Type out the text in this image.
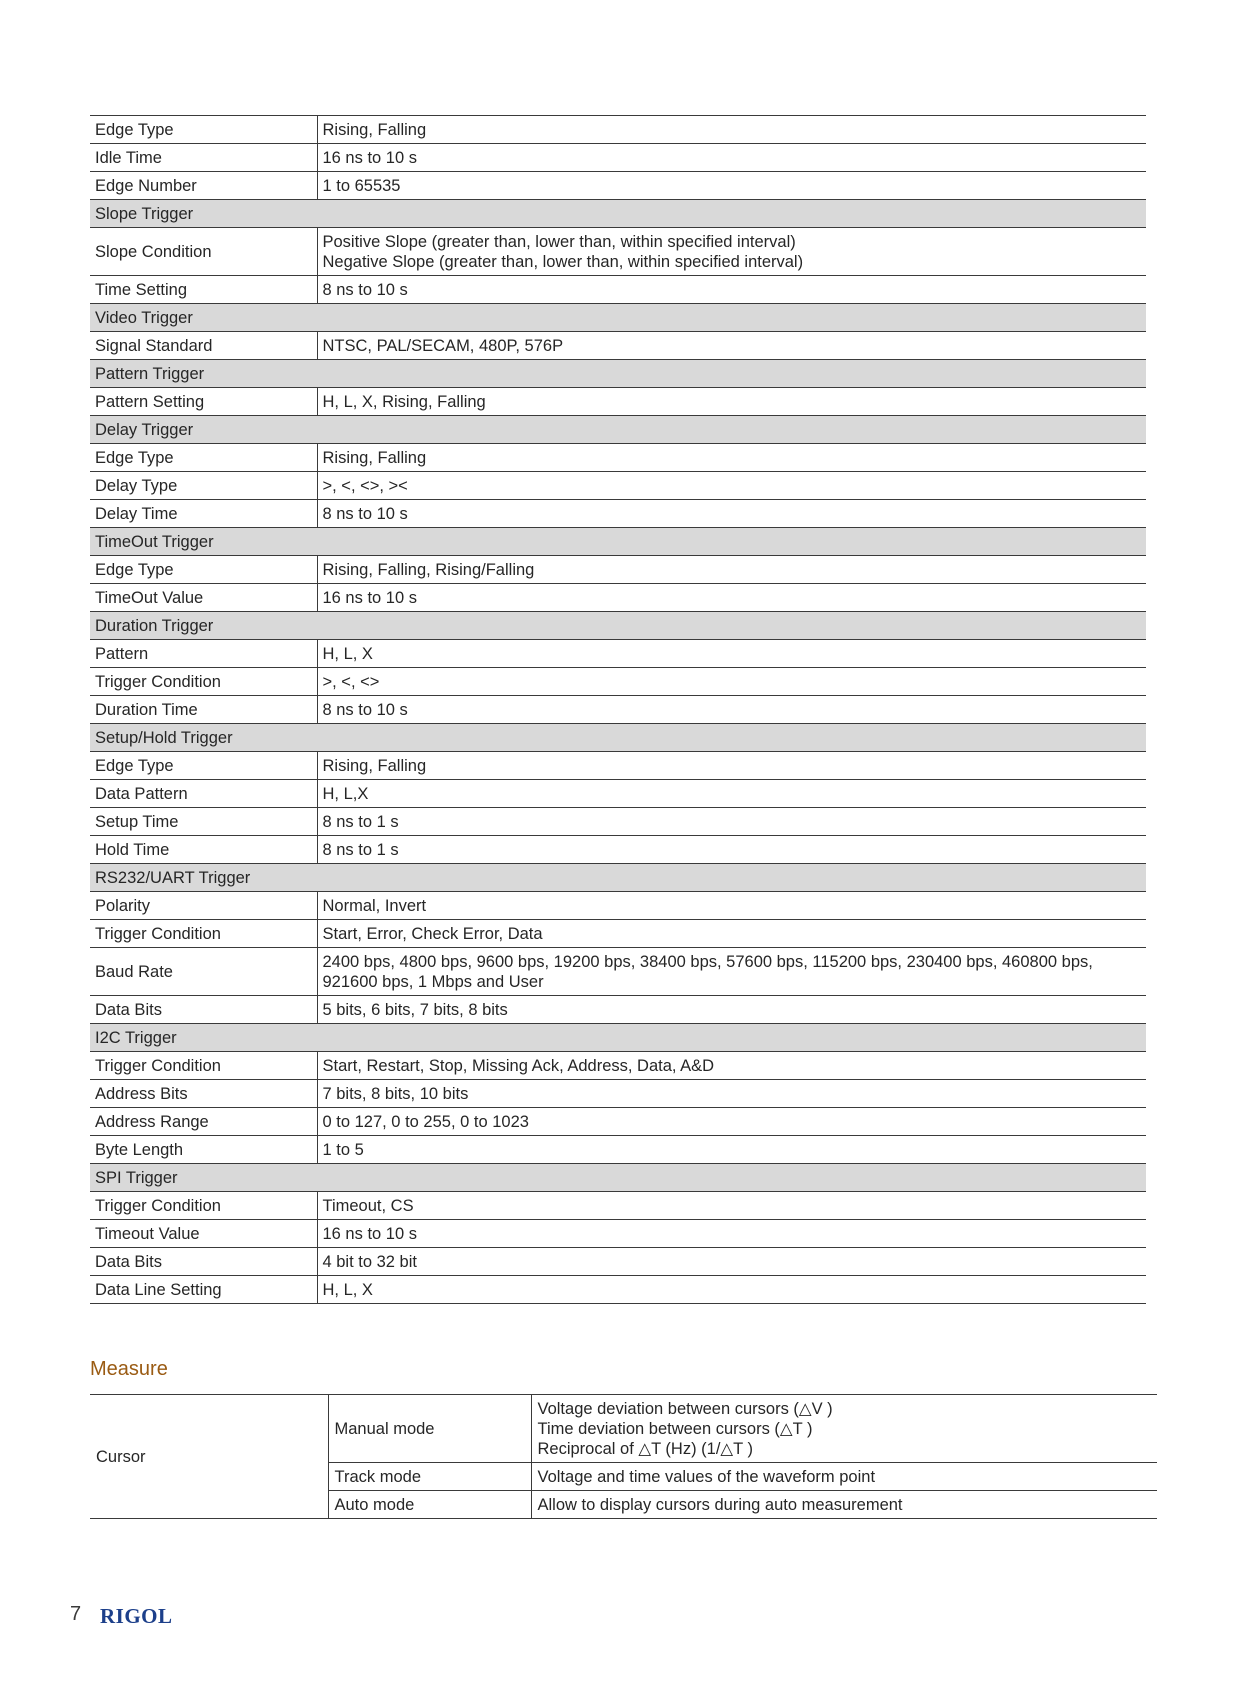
Edge Type	Rising, Falling

Idle Time	16 ns to 10 s

Edge Number	1 to 65535

Slope Trigger	
Slope Condition	Positive Slope (greater than, lower than, within specified interval)
Negative Slope (greater than, lower than, within specified interval)

Time Setting	8 ns to 10 s

Video Trigger	
Signal Standard	NTSC, PAL/SECAM, 480P, 576P

Pattern Trigger	
Pattern Setting	H, L, X, Rising, Falling

Delay Trigger	
Edge Type	Rising, Falling

Delay Type	>, <, <>, ><

Delay Time	8 ns to 10 s

TimeOut Trigger	
Edge Type	Rising, Falling, Rising/Falling

TimeOut Value	16 ns to 10 s

Duration Trigger	
Pattern	H, L, X

Trigger Condition	>, <, <>

Duration Time	8 ns to 10 s

Setup/Hold Trigger	
Edge Type	Rising, Falling

Data Pattern	H, L,X

Setup Time	8 ns to 1 s

Hold Time	8 ns to 1 s

RS232/UART Trigger	
Polarity	Normal, Invert

Trigger Condition	Start, Error, Check Error, Data

Baud Rate	2400 bps, 4800 bps, 9600 bps, 19200 bps, 38400 bps, 57600 bps, 115200 bps, 230400 bps, 460800 bps,
921600 bps, 1 Mbps and User

Data Bits	5 bits, 6 bits, 7 bits, 8 bits

I2C Trigger	
Trigger Condition	Start, Restart, Stop, Missing Ack, Address, Data, A&D

Address Bits	7 bits, 8 bits, 10 bits

Address Range	0 to 127, 0 to 255, 0 to 1023

Byte Length	1 to 5

SPI Trigger	
Trigger Condition	Timeout, CS

Timeout Value	16 ns to 10 s

Data Bits	4 bit to 32 bit

Data Line Setting	H, L, X
Measure
Cursor	Manual mode	Voltage deviation between cursors (△V )
Time deviation between cursors (△T )
Reciprocal of △T (Hz) (1/△T )

	Track mode	Voltage and time values of the waveform point

	Auto mode	Allow to display cursors during auto measurement
7 RIGOL
